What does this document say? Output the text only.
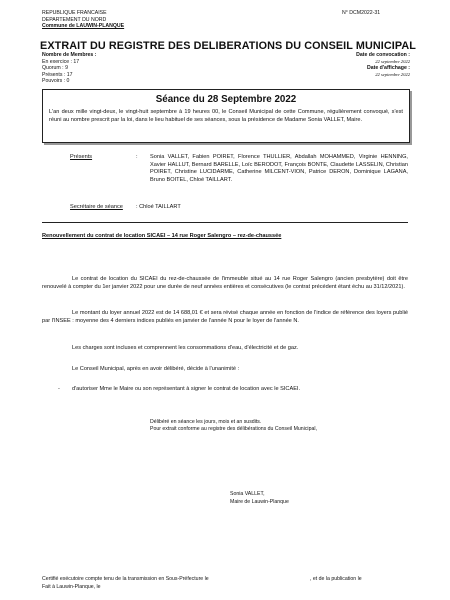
REPUBLIQUE FRANCAISE
DEPARTEMENT DU NORD
Commune de LAUWIN-PLANQUE
N° DCM2022-31
EXTRAIT DU REGISTRE DES DELIBERATIONS DU CONSEIL MUNICIPAL
Nombre de Membres :
En exercice : 17
Quorum : 9
Présents : 17
Pouvoirs : 0
Date de convocation :
22 septembre 2022
Date d'affichage :
22 septembre 2022
Séance du 28 Septembre 2022
L'an deux mille vingt-deux, le vingt-huit septembre à 19 heures 00, le Conseil Municipal de cette Commune, régulièrement convoqué, s'est réuni au nombre prescrit par la loi, dans le lieu habituel de ses séances, sous la présidence de Madame Sonia VALLET, Maire.
Présents	: Sonia VALLET, Fabien POIRET, Florence THULLIER, Abdallah MOHAMMED, Virginie HENNING, Xavier HALLUT, Bernard BARELLE, Loïc BERODOT, François BONTE, Claudette LASSELIN, Christian POIRET, Christine LUCIDARME, Catherine MILCENT-VION, Patrice DERON, Dominique LAGANA, Bruno BOITEL, Chloé TAILLART.
Secrétaire de séance : Chloé TAILLART
Renouvellement du contrat de location SICAEI – 14 rue Roger Salengro – rez-de-chaussée
Le contrat de location du SICAEI du rez-de-chaussée de l'immeuble situé au 14 rue Roger Salengro (ancien presbytère) doit être renouvelé à compter du 1er janvier 2022 pour une durée de neuf années entières et consécutives (le contrat précédent étant échu au 31/12/2021).
Le montant du loyer annuel 2022 est de 14 688,01 € et sera révisé chaque année en fonction de l'indice de référence des loyers publié par l'INSEE : moyenne des 4 derniers indices publiés en janvier de l'année N pour le loyer de l'année N.
Les charges sont incluses et comprennent les consommations d'eau, d'électricité et de gaz.
Le Conseil Municipal, après en avoir délibéré, décide à l'unanimité :
- d'autoriser Mme le Maire ou son représentant à signer le contrat de location avec le SICAEI.
Délibéré en séance les jours, mois et an susdits.
Pour extrait conforme au registre des délibérations du Conseil Municipal,
Sonia VALLET,
Maire de Lauwin-Planque
Certifié exécutoire compte tenu de la transmission en Sous-Préfecture le	, et de la publication le
Fait à Lauwin-Planque, le
